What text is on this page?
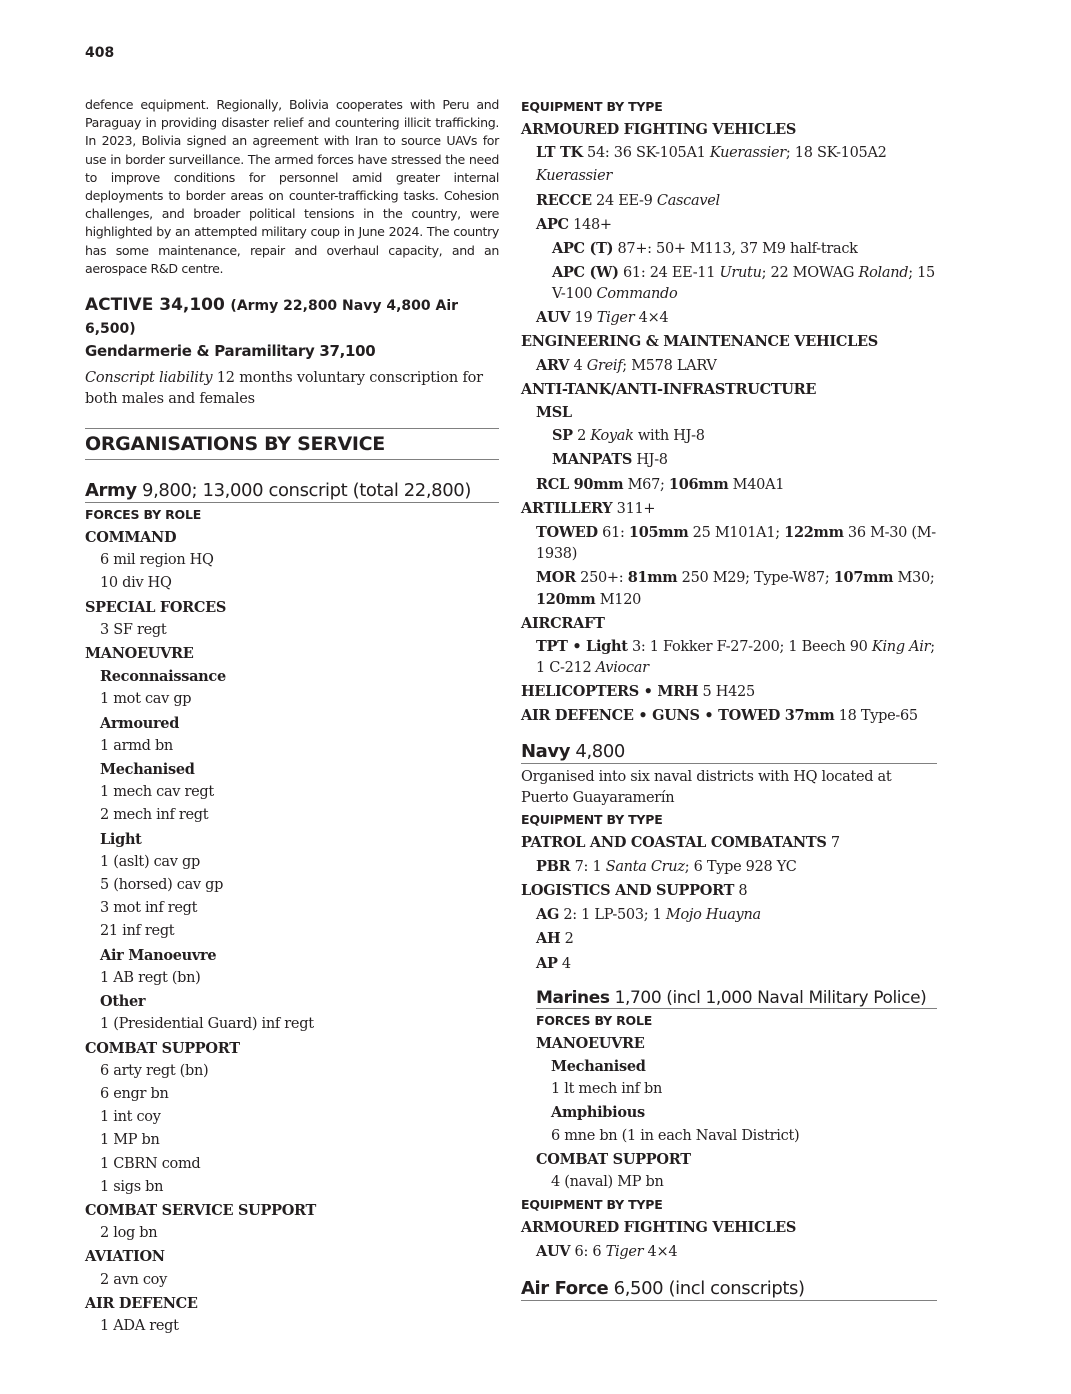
408

defence equipment. Regionally, Bolivia cooperates with Peru and Paraguay in providing disaster relief and countering illicit trafficking. In 2023, Bolivia signed an agreement with Iran to source UAVs for use in border surveillance. The armed forces have stressed the need to improve conditions for personnel amid greater internal deployments to border areas on counter-trafficking tasks. Cohesion challenges, and broader political tensions in the country, were highlighted by an attempted military coup in June 2024. The country has some maintenance, repair and overhaul capacity, and an aerospace R&D centre.

ACTIVE 34,100 (Army 22,800 Navy 4,800 Air 6,500)
Gendarmerie & Paramilitary 37,100
Conscript liability 12 months voluntary conscription for both males and females
ORGANISATIONS BY SERVICE
Army 9,800; 13,000 conscript (total 22,800)
FORCES BY ROLE
COMMAND
6 mil region HQ
10 div HQ
SPECIAL FORCES
3 SF regt
MANOEUVRE
Reconnaissance
1 mot cav gp
Armoured
1 armd bn
Mechanised
1 mech cav regt
2 mech inf regt
Light
1 (aslt) cav gp
5 (horsed) cav gp
3 mot inf regt
21 inf regt
Air Manoeuvre
1 AB regt (bn)
Other
1 (Presidential Guard) inf regt
COMBAT SUPPORT
6 arty regt (bn)
6 engr bn
1 int coy
1 MP bn
1 CBRN comd
1 sigs bn
COMBAT SERVICE SUPPORT
2 log bn
AVIATION
2 avn coy
AIR DEFENCE
1 ADA regt
EQUIPMENT BY TYPE
ARMOURED FIGHTING VEHICLES
LT TK 54: 36 SK-105A1 Kuerassier; 18 SK-105A2 Kuerassier
RECCE 24 EE-9 Cascavel
APC 148+
APC (T) 87+: 50+ M113, 37 M9 half-track
APC (W) 61: 24 EE-11 Urutu; 22 MOWAG Roland; 15 V-100 Commando
AUV 19 Tiger 4×4
ENGINEERING & MAINTENANCE VEHICLES
ARV 4 Greif; M578 LARV
ANTI-TANK/ANTI-INFRASTRUCTURE
MSL
SP 2 Koyak with HJ-8
MANPATS HJ-8
RCL 90mm M67; 106mm M40A1
ARTILLERY 311+
TOWED 61: 105mm 25 M101A1; 122mm 36 M-30 (M-1938)
MOR 250+: 81mm 250 M29; Type-W87; 107mm M30; 120mm M120
AIRCRAFT
TPT • Light 3: 1 Fokker F-27-200; 1 Beech 90 King Air; 1 C-212 Aviocar
HELICOPTERS • MRH 5 H425
AIR DEFENCE • GUNS • TOWED 37mm 18 Type-65
Navy 4,800
Organised into six naval districts with HQ located at Puerto Guayaramerín
EQUIPMENT BY TYPE
PATROL AND COASTAL COMBATANTS 7
PBR 7: 1 Santa Cruz; 6 Type 928 YC
LOGISTICS AND SUPPORT 8
AG 2: 1 LP-503; 1 Mojo Huayna
AH 2
AP 4
Marines 1,700 (incl 1,000 Naval Military Police)
FORCES BY ROLE
MANOEUVRE
Mechanised
1 lt mech inf bn
Amphibious
6 mne bn (1 in each Naval District)
COMBAT SUPPORT
4 (naval) MP bn
EQUIPMENT BY TYPE
ARMOURED FIGHTING VEHICLES
AUV 6: 6 Tiger 4×4
Air Force 6,500 (incl conscripts)
